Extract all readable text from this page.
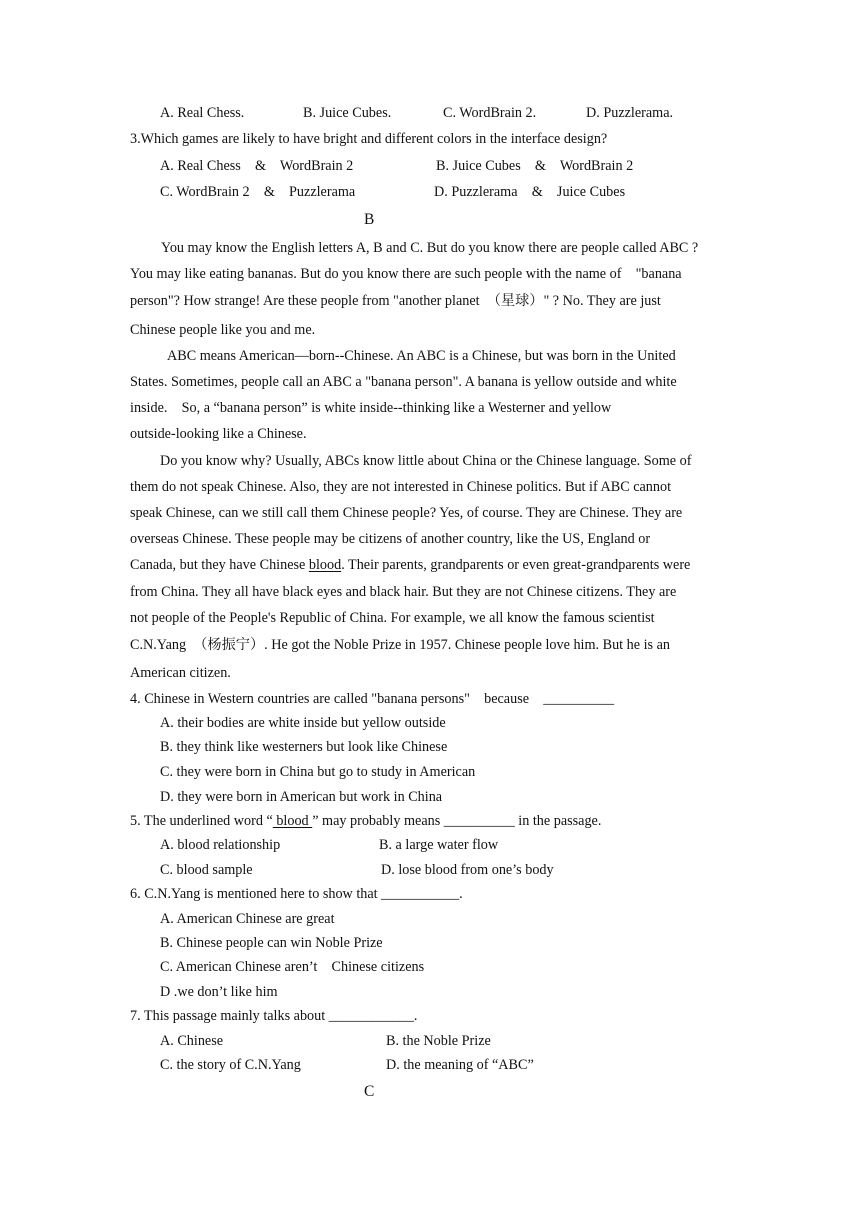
A. Real Chess.	B. Juice Cubes.	C. WordBrain 2.	D. Puzzlerama.
3.Which games are likely to have bright and different colors in the interface design?
A. Real Chess    &    WordBrain 2	B. Juice Cubes    &    WordBrain 2
C. WordBrain 2    &    Puzzlerama	D. Puzzlerama    &    Juice Cubes
B
You may know the English letters A, B and C. But do you know there are people called ABC ?
You may like eating bananas. But do you know there are such people with the name of    "banana
person"? How strange! Are these people from "another planet  （星球）" ? No. They are just
Chinese people like you and me.
ABC means American—born--Chinese. An ABC is a Chinese, but was born in the United
States. Sometimes, people call an ABC a "banana person". A banana is yellow outside and white
inside.    So, a “banana person” is white inside--thinking like a Westerner and yellow
outside-looking like a Chinese.
Do you know why? Usually, ABCs know little about China or the Chinese language. Some of
them do not speak Chinese. Also, they are not interested in Chinese politics. But if ABC cannot
speak Chinese, can we still call them Chinese people? Yes, of course. They are Chinese. They are
overseas Chinese. These people may be citizens of another country, like the US, England or
Canada, but they have Chinese blood. Their parents, grandparents or even great-grandparents were
from China. They all have black eyes and black hair. But they are not Chinese citizens. They are
not people of the People's Republic of China. For example, we all know the famous scientist
C.N.Yang  （杨振宁）. He got the Noble Prize in 1957. Chinese people love him. But he is an
American citizen.
4. Chinese in Western countries are called "banana persons"    because    __________
A. their bodies are white inside but yellow outside
B. they think like westerners but look like Chinese
C. they were born in China but go to study in American
D. they were born in American but work in China
5. The underlined word “ blood ” may probably means __________ in the passage.
A. blood relationship	B. a large water flow
C. blood sample	D. lose blood from one’s body
6. C.N.Yang is mentioned here to show that ___________.
A. American Chinese are great
B. Chinese people can win Noble Prize
C. American Chinese aren’t    Chinese citizens
D .we don’t like him
7. This passage mainly talks about ____________.
A. Chinese	B. the Noble Prize
C. the story of C.N.Yang	D. the meaning of “ABC”
C
